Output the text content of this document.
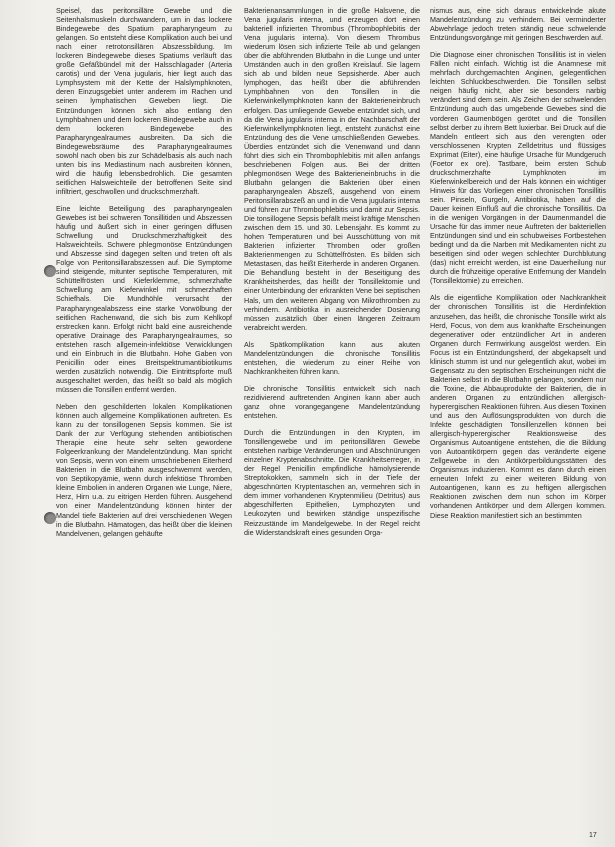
Speisel, das peritonsilläre Gewebe und die Seitenhalsmuskeln durchwandern, um in das lockere Bindegewebe des Spatium parapharyngeum zu gelangen. So entsteht diese Komplikation auch bei und nach einer retrotonsillären Abszessbildung. Im lockeren Bindegewebe dieses Spatiums verläuft das große Gefäßbündel mit der Halsschlagader (Arteria carotis) und der Vena jugularis, hier liegt auch das Lymphsystem mit der Kette der Halslymphknoten, deren Einzugsgebiet unter anderem im Rachen und seinen lymphatischen Geweben liegt. Die Entzündungen können sich also entlang den Lymphbahnen und dem lockeren Bindegewebe auch in dem lockeren Bindegewebe des Parapharyngealraumes ausbreiten. Da sich die Bindegewebsräume des Parapharyngealraumes sowohl nach oben bis zur Schädelbasis als auch nach unten bis ins Mediastinum nach ausbreiten können, wird die häufig lebensbedrohlich. Die gesamten seitlichen Halsweichteile der betroffenen Seite sind infiltriert, geschwollen und druckschmerzhaft.

Eine leichte Beteiligung des parapharyngealen Gewebes ist bei schweren Tonsillitiden und Abszessen häufig und äußert sich in einer geringen diffusen Schwellung und Druckschmerzhaftigkeit des Halsweichteils. Schwere phlegmonöse Entzündungen und Abszesse sind dagegen selten und treten oft als Folge von Peritonsillarabszessen auf. Die Symptome sind steigende, mitunter septische Temperaturen, mit Schüttelfrösten und Kieferklemme, schmerzhafte Schwellung am Kieferwinkel mit schmerzhaften Schiefhals. Die Mundhöhle verursacht der Parapharyngealabszess eine starke Vorwölbung der seitlichen Rachenwand, die sich bis zum Kehlkopf erstrecken kann. Erfolgt nicht bald eine ausreichende operative Drainage des Parapharyngealraumes, so entstehen rasch allgemein-infektiöse Verwicklungen und ein Einbruch in die Blutbahn. Hohe Gaben von Penicillin oder eines Breitspektrumantibiotikums werden zusätzlich notwendig. Die Eintrittspforte muß ausgeschaltet werden, das heißt so bald als möglich müssen die Tonsillen entfernt werden.

Neben den geschilderten lokalen Komplikationen können auch allgemeine Komplikationen auftreten. Es kann zu der tonsillogenen Sepsis kommen. Sie ist Dank der zur Verfügung stehenden antibiotischen Therapie eine heute sehr selten gewordene Folgeerkrankung der Mandelentzündung. Man spricht von Sepsis, wenn von einem umschriebenen Eiterherd Bakterien in die Blutbahn ausgeschwemmt werden, von Septikopyämie, wenn durch infektiöse Thromben kleine Embolien in anderen Organen wie Lunge, Niere, Herz, Hirn u.a. zu eitrigen Herden führen. Ausgehend von einer Mandelentzündung können hinter der Mandel tiefe Bakterien auf drei verschiedenen Wegen in die Blutbahn. Hämatogen, das heißt über die kleinen Mandelvenen, gelangen gehäufte

Bakterienansammlungen in die große Halsvene, die Vena jugularis interna, und erzeugen dort einen bakteriell infizierten Thrombus (Thrombophlebitis der Vena jugularis interna). Von diesem Thrombus wiederum lösen sich infizierte Teile ab und gelangen über die abführenden Blutbahn in die Lunge und unter Umständen auch in den großen Kreislauf. Sie lagern sich ab und bilden neue Sepsisherde. Aber auch lymphogen, das heißt über die abführenden Lymphbahnen von den Tonsillen in die Kieferwinkellymphknoten kann der Bakterieneinbruch erfolgen. Das umliegende Gewebe entzündet sich, und da die Vena jugularis interna in der Nachbarschaft der Kieferwinkellymphknoten liegt, entsteht zunächst eine Entzündung des die Vene umschließenden Gewebes. Überdies entzündet sich die Venenwand und dann führt dies sich ein Thrombophlebitis mit allen anfangs beschriebenen Folgen aus. Bei der dritten phlegmonösen Wege des Bakterieneinbruchs in die Blutbahn gelangen die Bakterien über einen parapharyngealen Abszeß, ausgehend von einem Peritonsillarabszeß an und in die Vena jugularis interna und führen zur Thrombophlebitis und damit zur Sepsis. Die tonsillogene Sepsis befällt meist kräftige Menschen zwischen dem 15. und 30. Lebensjahr. Es kommt zu hohen Temperaturen und bei Ausschüttung von mit Bakterien infizierter Thromben oder großen Bakterienmengen zu Schüttelfrösten. Es bilden sich Metastasen, das heißt Eiterherde in anderen Organen. Die Behandlung besteht in der Beseitigung des Krankheitsherdes, das heißt der Tonsillektomie und einer Unterbindung der erkrankten Vene bei septischen Hals, um den weiteren Abgang von Mikrothromben zu verhindern. Antibiotika in ausreichender Dosierung müssen zusätzlich über einen längeren Zeitraum verabreicht werden.

Als Spätkomplikation kann aus akuten Mandelentzündungen die chronische Tonsillitis entstehen, die wiederum zu einer Reihe von Nachkrankheiten führen kann.

Die chronische Tonsillitis entwickelt sich nach rezidivierend auftretenden Anginen kann aber auch ganz ohne vorangegangene Mandelentzündung entstehen.

Durch die Entzündungen in den Krypten, im Tonsillengewebe und im peritonsillären Gewebe entstehen narbige Veränderungen und Abschnürungen einzelner Kryptenabschnitte. Die Krankheitserreger, in der Regel Penicillin empfindliche hämolysierende Streptokokken, sammeln sich in der Tiefe der abgeschnürten Kryptentaschen an, vermehren sich in dem immer vorhandenen Kryptenmilieu (Detritus) aus abgeschilferten Epithelien, Lymphozyten und Leukozyten und bewirken ständige unspezifische Reizzustände im Mandelgewebe. In der Regel reicht die Widerstandskraft eines gesunden Orga-

nismus aus, eine sich daraus entwickelnde akute Mandelentzündung zu verhindern. Bei verminderter Abwehrlage jedoch treten ständig neue schwelende Entzündungsvorgänge mit geringen Beschwerden auf.

Die Diagnose einer chronischen Tonsillitis ist in vielen Fällen nicht einfach. Wichtig ist die Anamnese mit mehrfach durchgemachten Anginen, gelegentlichen leichten Schluckbeschwerden. Die Tonsillen selbst neigen häufig nicht, aber sie besonders narbig verändert sind dem sein. Als Zeichen der schwelenden Entzündung auch das umgebende Gewebes sind die vorderen Gaumenbögen gerötet und die Tonsillen selbst derber zu ihrem Bett luxierbar. Bei Druck auf die Mandeln entleert sich aus den verengten oder verschlossenen Krypten Zelldetritus und flüssiges Exprimat (Eiter), eine häufige Ursache für Mundgeruch (Foetor ex ore). Tastbare, beim ersten Schub druckschmerzhafte Lymphknoten im Kieferwinkelbereich und der Hals können ein wichtiger Hinweis für das Vorliegen einer chronischen Tonsillitis sein. Pinseln, Gurgeln, Antibiotika, haben auf die Dauer keinen Einfluß auf die chronische Tonsillitis. Da in die wenigen Vorgängen in der Daumenmandel die Ursache für das immer neue Auftreten der bakteriellen Entzündungen sind und ein schubweises Fortbestehen bedingt und da die Narben mit Medikamenten nicht zu beseitigen sind oder wegen schlechter Durchblutung (das) nicht erreicht werden, ist eine Dauerheilung nur durch die frühzeitige operative Entfernung der Mandeln (Tonsillektomie) zu erreichen.

Als die eigentliche Komplikation oder Nachkrankheit der chronischen Tonsillitis ist die Herdinfektion anzusehen, das heißt, die chronische Tonsille wirkt als Herd, Focus, von dem aus krankhafte Erscheinungen degenerativer oder entzündlicher Art in anderen Organen durch Fernwirkung ausgelöst werden. Ein Focus ist ein Entzündungsherd, der abgekapselt und klinisch stumm ist und nur gelegentlich akut, wobei im Gegensatz zu den septischen Erscheinungen nicht die Bakterien selbst in die Blutbahn gelangen, sondern nur die Toxine, die Abbauprodukte der Bakterien, die in anderen Organen zu entzündlichen allergisch-hyperergischen Reaktionen führen. Aus diesen Toxinen und aus den Auflösungsprodukten von durch die Infekte geschädigten Tonsillenzellen können bei allergisch-hyperergischer Reaktionsweise des Organismus Autoantigene entstehen, die die Bildung von Autoantikörpern gegen das veränderte eigene Zellgewebe in den Antikörperbildungsstätten des Organismus induzieren. Kommt es dann durch einen erneuten Infekt zu einer weiteren Bildung von Autoantigenen, kann es zu heftigen allergischen Reaktionen zwischen dem nun schon im Körper vorhandenen Antikörper und dem Allergen kommen. Diese Reaktion manifestiert sich an bestimmten

17
